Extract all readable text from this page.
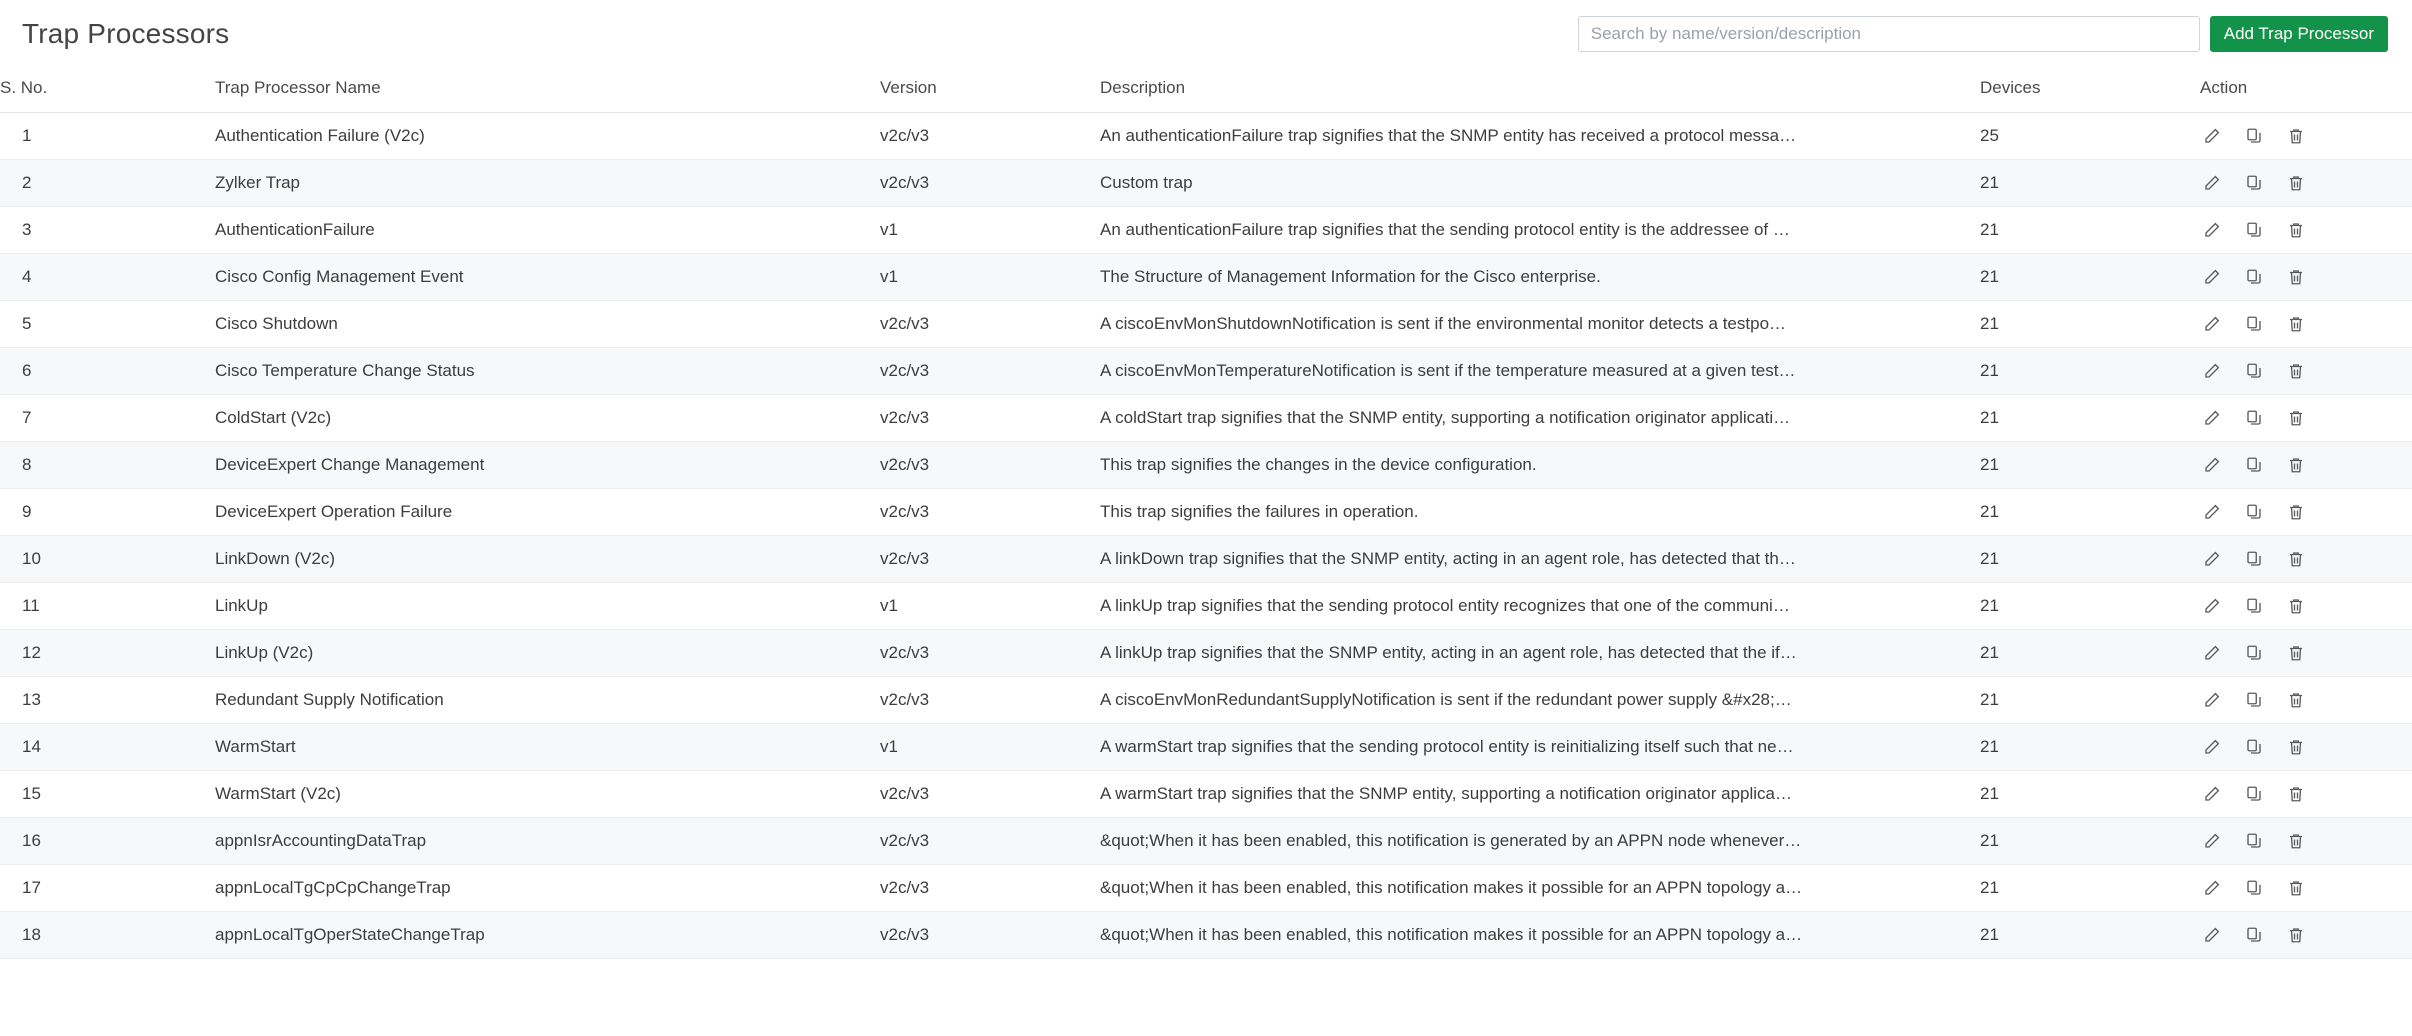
Trap Processors
Search by name/version/description	Add Trap Processor
S. No.	Trap Processor Name	Version	Description	Devices	Action
1	Authentication Failure (V2c)	v2c/v3	An authenticationFailure trap signifies that the SNMP entity has received a protocol messa…	25	

2	Zylker Trap	v2c/v3	Custom trap	21	

3	AuthenticationFailure	v1	An authenticationFailure trap signifies that the sending protocol entity is the addressee of …	21	

4	Cisco Config Management Event	v1	The Structure of Management Information for the Cisco enterprise.	21	

5	Cisco Shutdown	v2c/v3	A ciscoEnvMonShutdownNotification is sent if the environmental monitor detects a testpo…	21	

6	Cisco Temperature Change Status	v2c/v3	A ciscoEnvMonTemperatureNotification is sent if the temperature measured at a given test…	21	

7	ColdStart (V2c)	v2c/v3	A coldStart trap signifies that the SNMP entity, supporting a notification originator applicati…	21	

8	DeviceExpert Change Management	v2c/v3	This trap signifies the changes in the device configuration.	21	

9	DeviceExpert Operation Failure	v2c/v3	This trap signifies the failures in operation.	21	

10	LinkDown (V2c)	v2c/v3	A linkDown trap signifies that the SNMP entity, acting in an agent role, has detected that th…	21	

11	LinkUp	v1	A linkUp trap signifies that the sending protocol entity recognizes that one of the communi…	21	

12	LinkUp (V2c)	v2c/v3	A linkUp trap signifies that the SNMP entity, acting in an agent role, has detected that the if…	21	

13	Redundant Supply Notification	v2c/v3	A ciscoEnvMonRedundantSupplyNotification is sent if the redundant power supply &#x28;…	21	

14	WarmStart	v1	A warmStart trap signifies that the sending protocol entity is reinitializing itself such that ne…	21	

15	WarmStart (V2c)	v2c/v3	A warmStart trap signifies that the SNMP entity, supporting a notification originator applica…	21	

16	appnIsrAccountingDataTrap	v2c/v3	&quot;When it has been enabled, this notification is generated by an APPN node whenever…	21	

17	appnLocalTgCpCpChangeTrap	v2c/v3	&quot;When it has been enabled, this notification makes it possible for an APPN topology a…	21	

18	appnLocalTgOperStateChangeTrap	v2c/v3	&quot;When it has been enabled, this notification makes it possible for an APPN topology a…	21	
